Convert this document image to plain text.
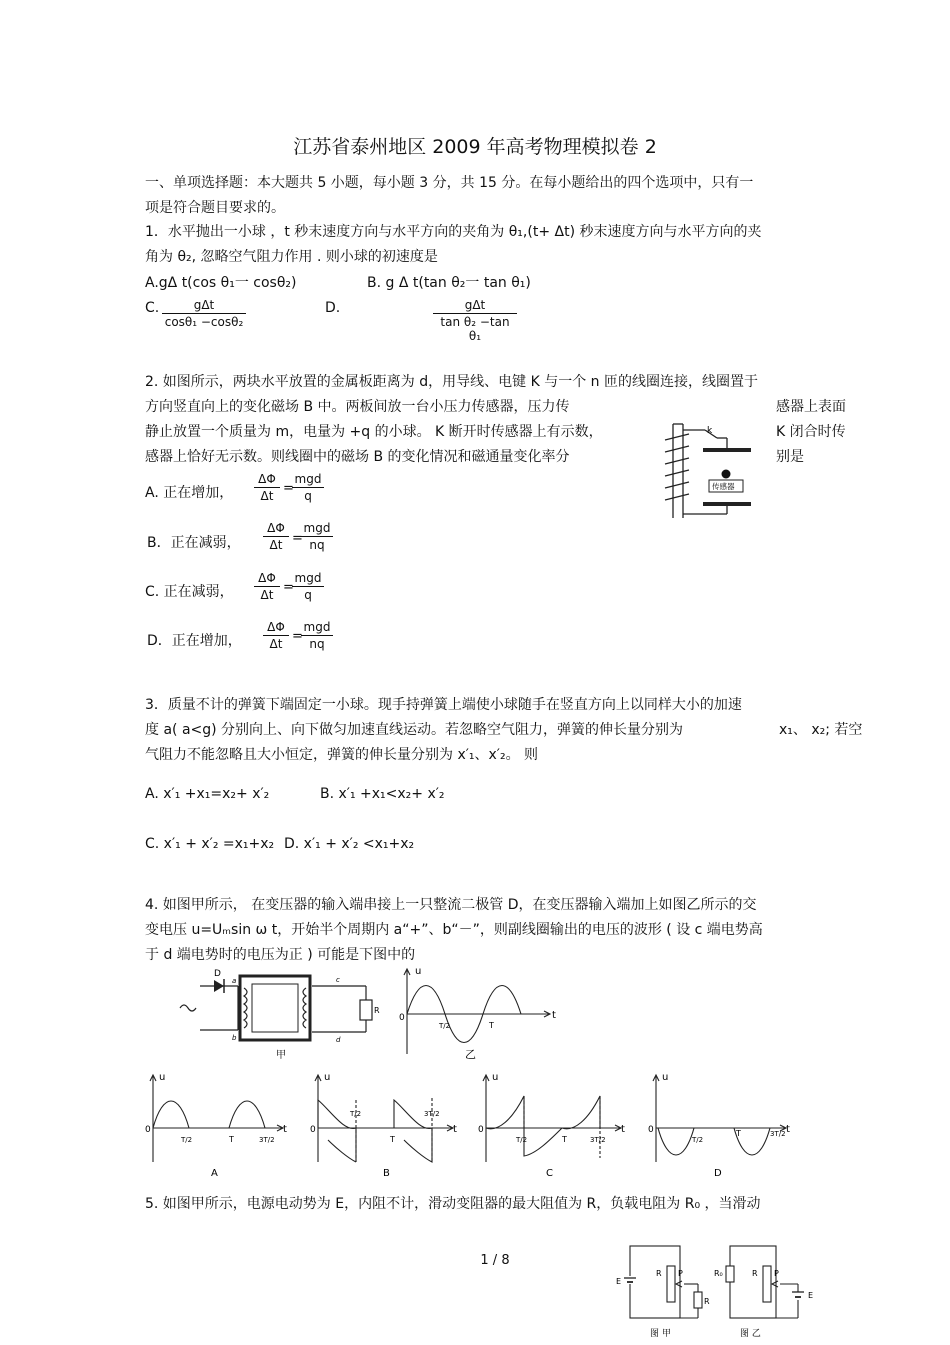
江苏省泰州地区 2009 年高考物理模拟卷 2
一、单项选择题：本大题共 5 小题，每小题 3 分，共 15 分。在每小题给出的四个选项中，只有一
项是符合题目要求的。
1．水平抛出一小球 ，t 秒末速度方向与水平方向的夹角为 θ₁,(t+ Δt) 秒末速度方向与水平方向的夹
角为 θ₂, 忽略空气阻力作用 . 则小球的初速度是
A.gΔ t(cos θ₁一 cosθ₂)	B. g Δ t(tan θ₂一 tan θ₁)
C.	gΔt
cosθ₁ −cosθ₂
D.	gΔt
tan θ₂ −tan θ₁
2. 如图所示，两块水平放置的金属板距离为 d，用导线、电键 K 与一个 n 匝的线圈连接，线圈置于
方向竖直向上的变化磁场 B 中。两板间放一台小压力传感器，压力传	感器上表面
静止放置一个质量为 m，电量为 +q 的小球。 K 断开时传感器上有示数，	K 闭合时传
感器上恰好无示数。则线圈中的磁场 B 的变化情况和磁通量变化率分	别是
A. 正在增加， $\frac{\Delta\Phi}{\Delta t}$ =
mgd
q
B．正在减弱， $\frac{\Delta\Phi}{\Delta t}$ =
mgd
nq
C. 正在减弱， $\frac{\Delta\Phi}{\Delta t}$ =
mgd
q
D．正在增加， $\frac{\Delta\Phi}{\Delta t}$ =
mgd
nq
k
传感器
3．质量不计的弹簧下端固定一小球。现手持弹簧上端使小球随手在竖直方向上以同样大小的加速
度 a( a<g) 分别向上、向下做匀加速直线运动。若忽略空气阻力，弹簧的伸长量分别为	x₁、 x₂; 若空
气阻力不能忽略且大小恒定，弹簧的伸长量分别为 x′₁、x′₂。 则
A. x′₁ +x₁=x₂+ x′₂	B. x′₁ +x₁<x₂+ x′₂
C. x′₁ + x′₂ =x₁+x₂ D. x′₁ + x′₂ <x₁+x₂
4. 如图甲所示， 在变压器的输入端串接上一只整流二极管 D，在变压器输入端加上如图乙所示的交
变电压 u=Uₘsin ω t，开始半个周期内 a“+”、b“－”，则副线圈输出的电压的波形 ( 设 c 端电势高
于 d 端电势时的电压为正 ) 可能是下图中的
D
a
b
c
d
R
甲
u
0	t
T/2	T
乙
u
0	t
T/2	T	3T/2
A
u
0	t
T/2
T
3T/2
B
u
0	t
T/2	T	3T/2
C
u
0	t
T/2
T	3T/2
D
5. 如图甲所示，电源电动势为 E，内阻不计，滑动变阻器的最大阻值为 R，负载电阻为 R₀ ，当滑动
1 / 8
E
R P
R
图 甲
R₀	R P
E
图 乙
